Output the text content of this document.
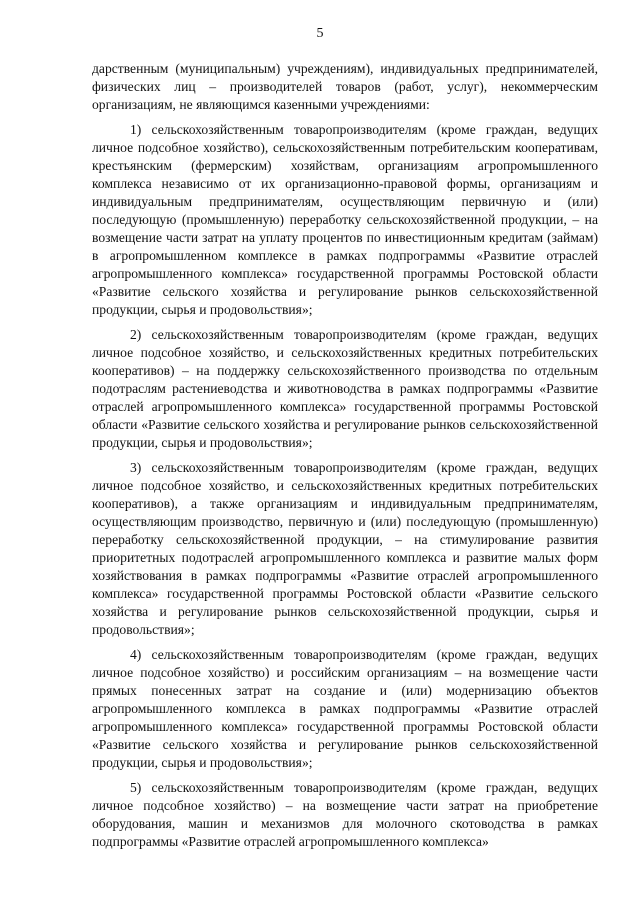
5

дарственным (муниципальным) учреждениям), индивидуальных предпринимателей, физических лиц – производителей товаров (работ, услуг), некоммерческим организациям, не являющимся казенными учреждениями:

1) сельскохозяйственным товаропроизводителям (кроме граждан, ведущих личное подсобное хозяйство), сельскохозяйственным потребительским кооперативам, крестьянским (фермерским) хозяйствам, организациям агропромышленного комплекса независимо от их организационно-правовой формы, организациям и индивидуальным предпринимателям, осуществляющим первичную и (или) последующую (промышленную) переработку сельскохозяйственной продукции, – на возмещение части затрат на уплату процентов по инвестиционным кредитам (займам) в агропромышленном комплексе в рамках подпрограммы «Развитие отраслей агропромышленного комплекса» государственной программы Ростовской области «Развитие сельского хозяйства и регулирование рынков сельскохозяйственной продукции, сырья и продовольствия»;

2) сельскохозяйственным товаропроизводителям (кроме граждан, ведущих личное подсобное хозяйство, и сельскохозяйственных кредитных потребительских кооперативов) – на поддержку сельскохозяйственного производства по отдельным подотраслям растениеводства и животноводства в рамках подпрограммы «Развитие отраслей агропромышленного комплекса» государственной программы Ростовской области «Развитие сельского хозяйства и регулирование рынков сельскохозяйственной продукции, сырья и продовольствия»;

3) сельскохозяйственным товаропроизводителям (кроме граждан, ведущих личное подсобное хозяйство, и сельскохозяйственных кредитных потребительских кооперативов), а также организациям и индивидуальным предпринимателям, осуществляющим производство, первичную и (или) последующую (промышленную) переработку сельскохозяйственной продукции, – на стимулирование развития приоритетных подотраслей агропромышленного комплекса и развитие малых форм хозяйствования в рамках подпрограммы «Развитие отраслей агропромышленного комплекса» государственной программы Ростовской области «Развитие сельского хозяйства и регулирование рынков сельскохозяйственной продукции, сырья и продовольствия»;

4) сельскохозяйственным товаропроизводителям (кроме граждан, ведущих личное подсобное хозяйство) и российским организациям – на возмещение части прямых понесенных затрат на создание и (или) модернизацию объектов агропромышленного комплекса в рамках подпрограммы «Развитие отраслей агропромышленного комплекса» государственной программы Ростовской области «Развитие сельского хозяйства и регулирование рынков сельскохозяйственной продукции, сырья и продовольствия»;

5) сельскохозяйственным товаропроизводителям (кроме граждан, ведущих личное подсобное хозяйство) – на возмещение части затрат на приобретение оборудования, машин и механизмов для молочного скотоводства в рамках подпрограммы «Развитие отраслей агропромышленного комплекса»
